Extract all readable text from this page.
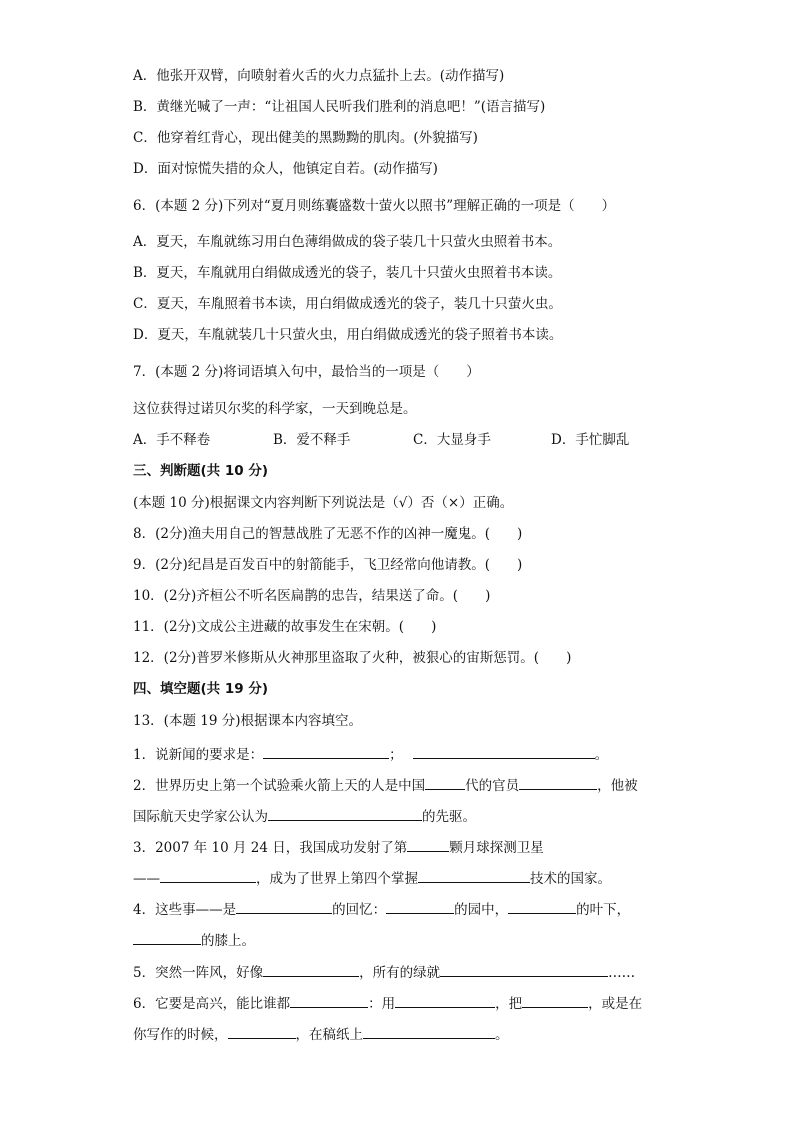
A．他张开双臂，向喷射着火舌的火力点猛扑上去。(动作描写)
B．黄继光喊了一声：“让祖国人民听我们胜利的消息吧！”(语言描写)
C．他穿着红背心，现出健美的黑黝黝的肌肉。(外貌描写)
D．面对惊慌失措的众人，他镇定自若。(动作描写)
6．(本题 2 分)下列对“夏月则练囊盛数十萤火以照书”理解正确的一项是（　　）
A．夏天，车胤就练习用白色薄绢做成的袋子装几十只萤火虫照着书本。
B．夏天，车胤就用白绢做成透光的袋子，装几十只萤火虫照着书本读。
C．夏天，车胤照着书本读，用白绢做成透光的袋子，装几十只萤火虫。
D．夏天，车胤就装几十只萤火虫，用白绢做成透光的袋子照着书本读。
7．(本题 2 分)将词语填入句中，最恰当的一项是（　　）
这位获得过诺贝尔奖的科学家，一天到晚总是。
A．手不释卷	B．爱不释手	C．大显身手	D．手忙脚乱
三、判断题(共 10 分)
(本题 10 分)根据课文内容判断下列说法是（√）否（×）正确。
8．(2分)渔夫用自己的智慧战胜了无恶不作的凶神一魔鬼。(　　)
9．(2分)纪昌是百发百中的射箭能手，飞卫经常向他请教。(　　)
10．(2分)齐桓公不听名医扁鹊的忠告，结果送了命。(　　)
11．(2分)文成公主进藏的故事发生在宋朝。(　　)
12．(2分)普罗米修斯从火神那里盗取了火种，被狠心的宙斯惩罚。(　　)
四、填空题(共 19 分)
13．(本题 19 分)根据课本内容填空。
1．说新闻的要求是：	；	。
2．世界历史上第一个试验乘火箭上天的人是中国	代的官员	，他被
国际航天史学家公认为	的先驱。
3．2007 年 10 月 24 日，我国成功发射了第	颗月球探测卫星
——	，成为了世界上第四个掌握	技术的国家。
4．这些事——是	的回忆：	的园中，	的叶下，
的膝上。
5．突然一阵风，好像	，所有的绿就	……
6．它要是高兴，能比谁都	：用	，把	，或是在
你写作的时候，	，在稿纸上	。
